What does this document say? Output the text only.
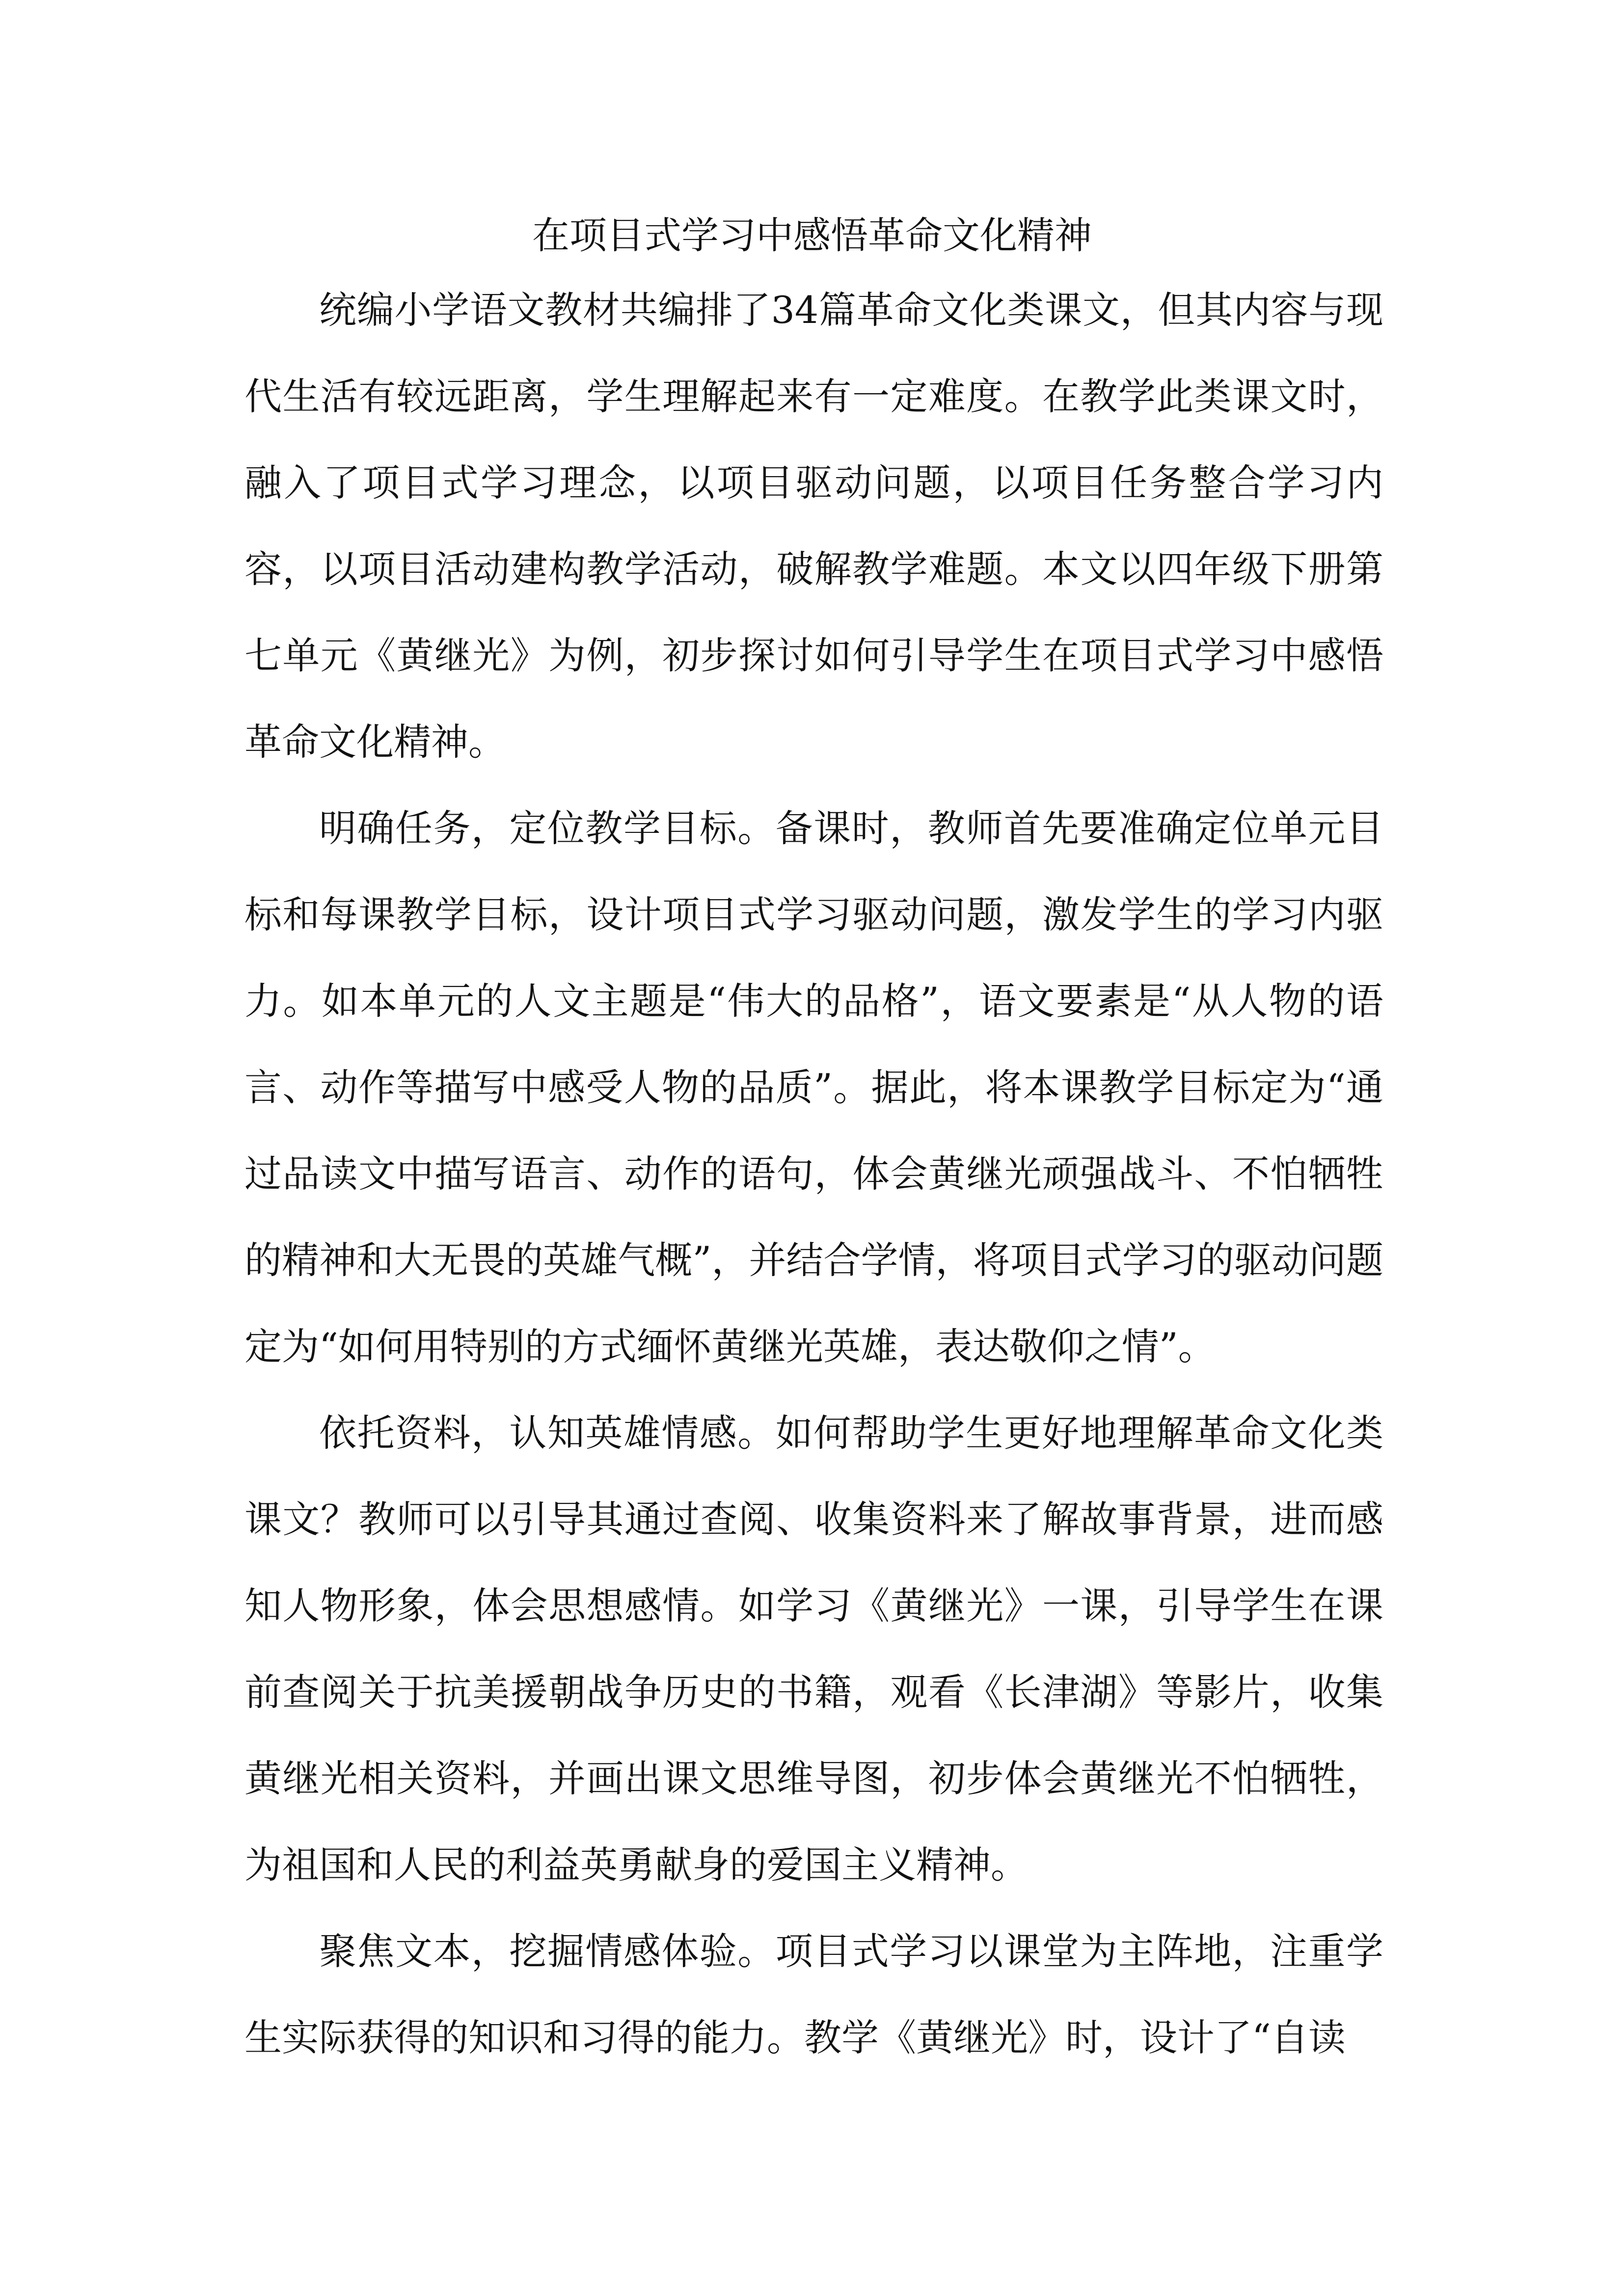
在项目式学习中感悟革命文化精神

统编小学语文教材共编排了34篇革命文化类课文，但其内容与现代生活有较远距离，学生理解起来有一定难度。在教学此类课文时，融入了项目式学习理念，以项目驱动问题，以项目任务整合学习内容，以项目活动建构教学活动，破解教学难题。本文以四年级下册第七单元《黄继光》为例，初步探讨如何引导学生在项目式学习中感悟革命文化精神。

明确任务，定位教学目标。备课时，教师首先要准确定位单元目标和每课教学目标，设计项目式学习驱动问题，激发学生的学习内驱力。如本单元的人文主题是“伟大的品格”，语文要素是“从人物的语言、动作等描写中感受人物的品质”。据此，将本课教学目标定为“通过品读文中描写语言、动作的语句，体会黄继光顽强战斗、不怕牺牲的精神和大无畏的英雄气概”，并结合学情，将项目式学习的驱动问题定为“如何用特别的方式缅怀黄继光英雄，表达敬仰之情”。

依托资料，认知英雄情感。如何帮助学生更好地理解革命文化类课文？教师可以引导其通过查阅、收集资料来了解故事背景，进而感知人物形象，体会思想感情。如学习《黄继光》一课，引导学生在课前查阅关于抗美援朝战争历史的书籍，观看《长津湖》等影片，收集黄继光相关资料，并画出课文思维导图，初步体会黄继光不怕牺牲，为祖国和人民的利益英勇献身的爱国主义精神。

聚焦文本，挖掘情感体验。项目式学习以课堂为主阵地，注重学生实际获得的知识和习得的能力。教学《黄继光》时，设计了“自读
